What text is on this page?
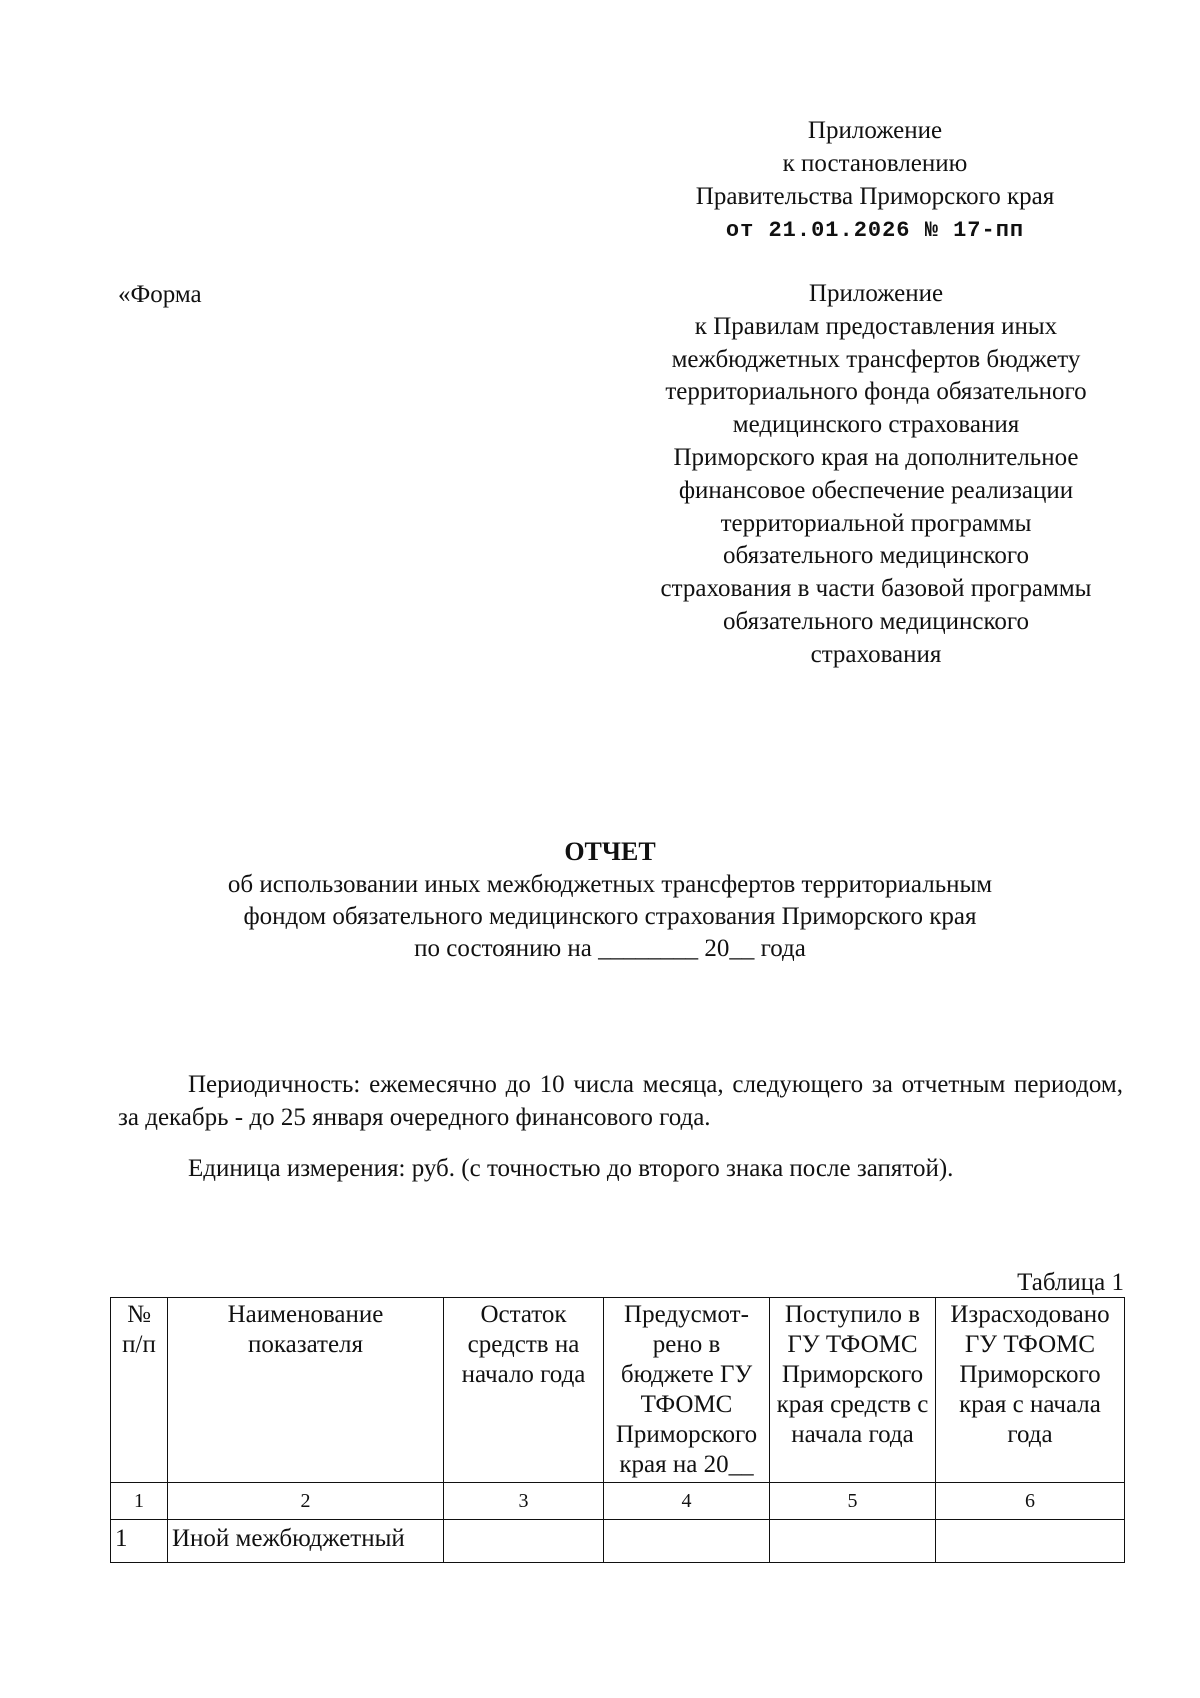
Приложение
к постановлению
Правительства Приморского края
от 21.01.2026 № 17-пп
«Форма	Приложение
к Правилам предоставления иных
межбюджетных трансфертов бюджету
территориального фонда обязательного
медицинского страхования
Приморского края на дополнительное
финансовое обеспечение реализации
территориальной программы
обязательного медицинского
страхования в части базовой программы
обязательного медицинского
страхования
ОТЧЕТ
об использовании иных межбюджетных трансфертов территориальным
фондом обязательного медицинского страхования Приморского края
по состоянию на ________ 20__ года
Периодичность: ежемесячно до 10 числа месяца, следующего за отчетным периодом, за декабрь - до 25 января очередного финансового года.
Единица измерения: руб. (с точностью до второго знака после запятой).
Таблица 1
№ п/п	Наименование показателя	Остаток средств на начало года	Предусмот-рено в бюджете ГУ ТФОМС Приморского края на 20__	Поступило в ГУ ТФОМС Приморского края средств с начала года	Израсходовано ГУ ТФОМС Приморского края с начала года
1	2	3	4	5	6
1	Иной межбюджетный				
